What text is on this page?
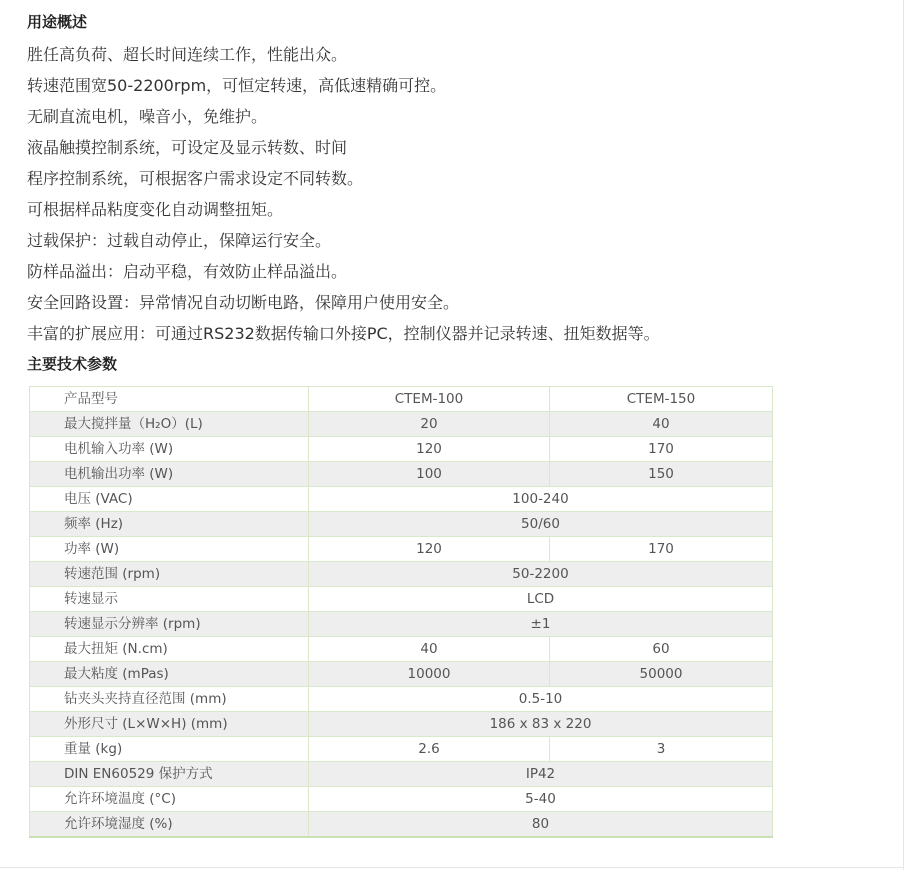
用途概述

胜任高负荷、超长时间连续工作，性能出众。

转速范围宽50-2200rpm，可恒定转速，高低速精确可控。

无刷直流电机，噪音小，免维护。

液晶触摸控制系统，可设定及显示转数、时间

程序控制系统，可根据客户需求设定不同转数。

可根据样品粘度变化自动调整扭矩。

过载保护：过载自动停止，保障运行安全。

防样品溢出：启动平稳，有效防止样品溢出。

安全回路设置：异常情况自动切断电路，保障用户使用安全。

丰富的扩展应用：可通过RS232数据传输口外接PC，控制仪器并记录转速、扭矩数据等。

主要技术参数
产品型号	CTEM-100	CTEM-150
最大搅拌量（H₂O）(L)	20	40
电机输入功率 (W)	120	170
电机输出功率 (W)	100	150
电压 (VAC)	100-240	
频率 (Hz)	50/60	
功率 (W)	120	170
转速范围 (rpm)	50-2200	
转速显示	LCD	
转速显示分辨率 (rpm)	±1	
最大扭矩 (N.cm)	40	60
最大粘度 (mPas)	10000	50000
钻夹头夹持直径范围 (mm)	0.5-10	
外形尺寸 (L×W×H) (mm)	186 x 83 x 220	
重量 (kg)	2.6	3
DIN EN60529 保护方式	IP42	
允许环境温度 (°C)	5-40	
允许环境湿度 (%)	80	
